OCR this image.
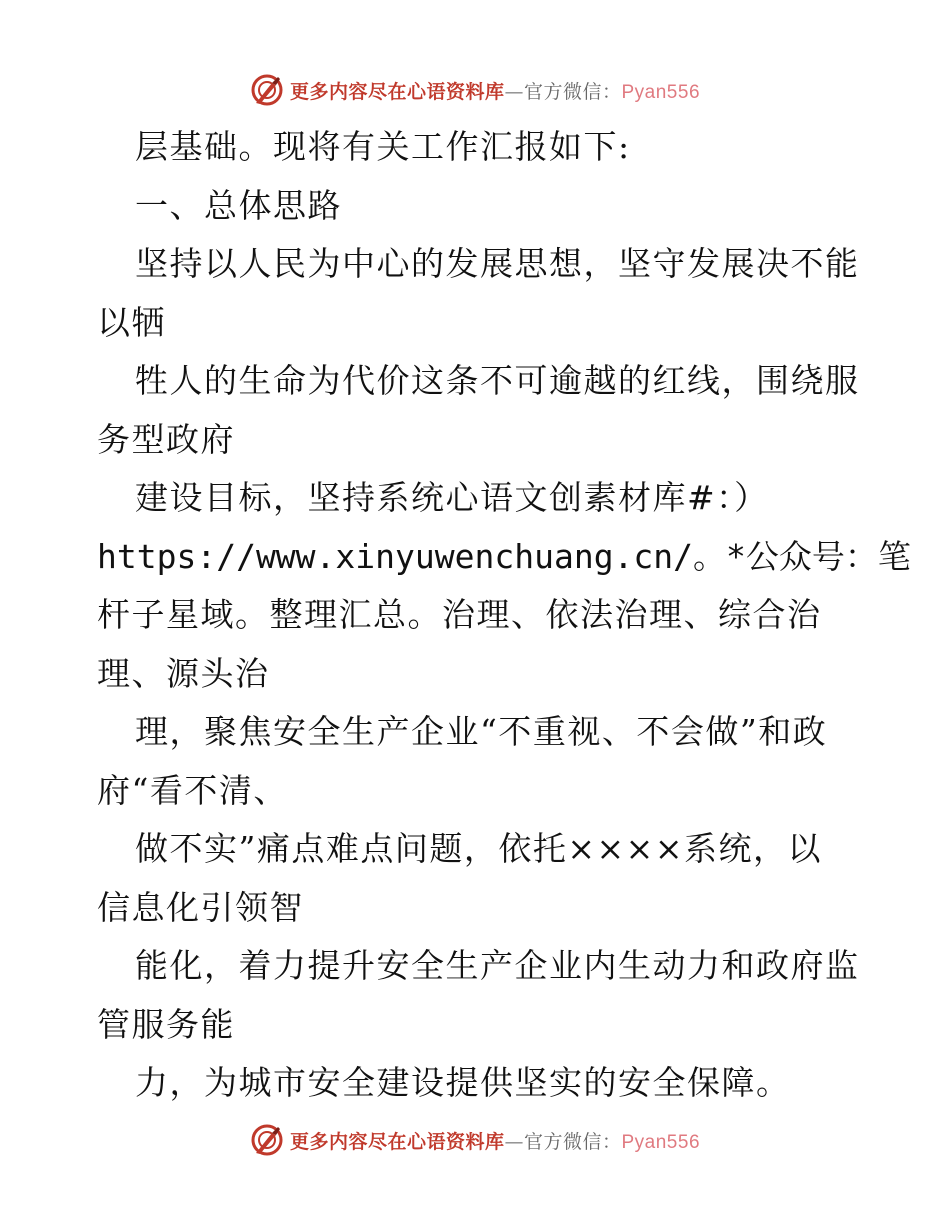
更多内容尽在心语资料库—官方微信：Pyan556
层基础。现将有关工作汇报如下:
一、总体思路
坚持以人民为中心的发展思想，坚守发展决不能
以牺
牲人的生命为代价这条不可逾越的红线，围绕服
务型政府
建设目标，坚持系统心语文创素材库#：）
https://www.xinyuwenchuang.cn/。*公众号：笔
杆子星域。整理汇总。治理、依法治理、综合治
理、源头治
理，聚焦安全生产企业“不重视、不会做”和政
府“看不清、
做不实”痛点难点问题，依托××××系统，以
信息化引领智
能化，着力提升安全生产企业内生动力和政府监
管服务能
力，为城市安全建设提供坚实的安全保障。
更多内容尽在心语资料库—官方微信：Pyan556
